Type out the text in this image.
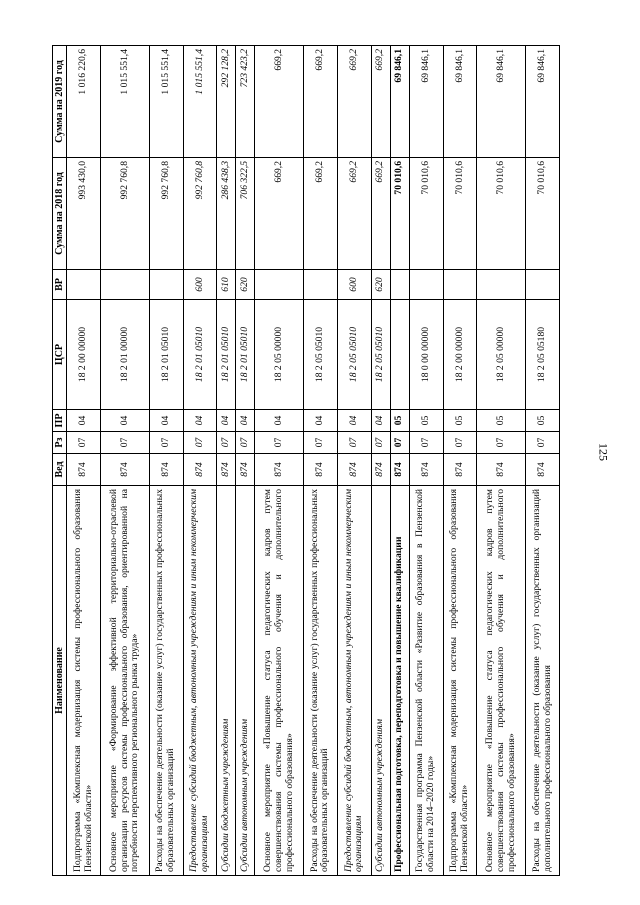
125
Наименование	Вед	Рз	ПР	ЦСР	ВР	Сумма на 2018 год	Сумма на 2019 год
Подпрограмма «Комплексная модернизация системы профессионального образования Пензенской области»	874	07	04	18 2 00 00000		993 430,0	1 016 220,6
Основное мероприятие «Формирование эффективной территориально-отраслевой организации ресурсов системы профессионального образования, ориентированной на потребности перспективного регионального рынка труда»	874	07	04	18 2 01 00000		992 760,8	1 015 551,4
Расходы на обеспечение деятельности (оказание услуг) государственных профессиональных образовательных организаций	874	07	04	18 2 01 05010		992 760,8	1 015 551,4
Предоставление субсидий бюджетным, автономным учреждениям и иным некоммерческим организациям	874	07	04	18 2 01 05010	600	992 760,8	1 015 551,4
Субсидии бюджетным учреждениям	874	07	04	18 2 01 05010	610	286 438,3	292 128,2
Субсидии автономным учреждениям	874	07	04	18 2 01 05010	620	706 322,5	723 423,2
Основное мероприятие «Повышение статуса педагогических кадров путем совершенствования системы профессионального обучения и дополнительного профессионального образования»	874	07	04	18 2 05 00000		669,2	669,2
Расходы на обеспечение деятельности (оказание услуг) государственных профессиональных образовательных организаций	874	07	04	18 2 05 05010		669,2	669,2
Предоставление субсидий бюджетным, автономным учреждениям и иным некоммерческим организациям	874	07	04	18 2 05 05010	600	669,2	669,2
Субсидии автономным учреждениям	874	07	04	18 2 05 05010	620	669,2	669,2
Профессиональная подготовка, переподготовка и повышение квалификации	874	07	05			70 010,6	69 846,1
Государственная программа Пензенской области «Развитие образования в Пензенской области на 2014–2020 годы»	874	07	05	18 0 00 00000		70 010,6	69 846,1
Подпрограмма «Комплексная модернизация системы профессионального образования Пензенской области»	874	07	05	18 2 00 00000		70 010,6	69 846,1
Основное мероприятие «Повышение статуса педагогических кадров путем совершенствования системы профессионального обучения и дополнительного профессионального образования»	874	07	05	18 2 05 00000		70 010,6	69 846,1
Расходы на обеспечение деятельности (оказание услуг) государственных организаций дополнительного профессионального образования	874	07	05	18 2 05 05180		70 010,6	69 846,1
